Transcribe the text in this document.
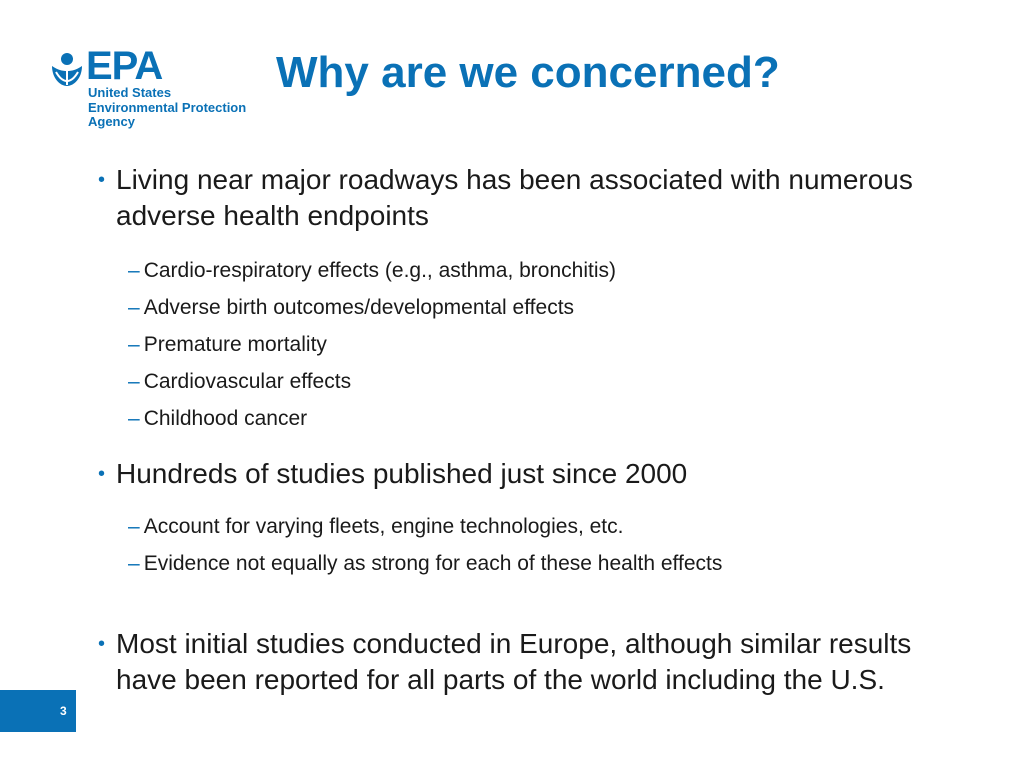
EPA
United States
Environmental Protection
Agency
Why are we concerned?
• Living near major roadways has been associated with numerous adverse health endpoints
– Cardio-respiratory effects (e.g., asthma, bronchitis)
– Adverse birth outcomes/developmental effects
– Premature mortality
– Cardiovascular effects
– Childhood cancer
• Hundreds of studies published just since 2000
– Account for varying fleets, engine technologies, etc.
– Evidence not equally as strong for each of these health effects
• Most initial studies conducted in Europe, although similar results have been reported for all parts of the world including the U.S.
3
